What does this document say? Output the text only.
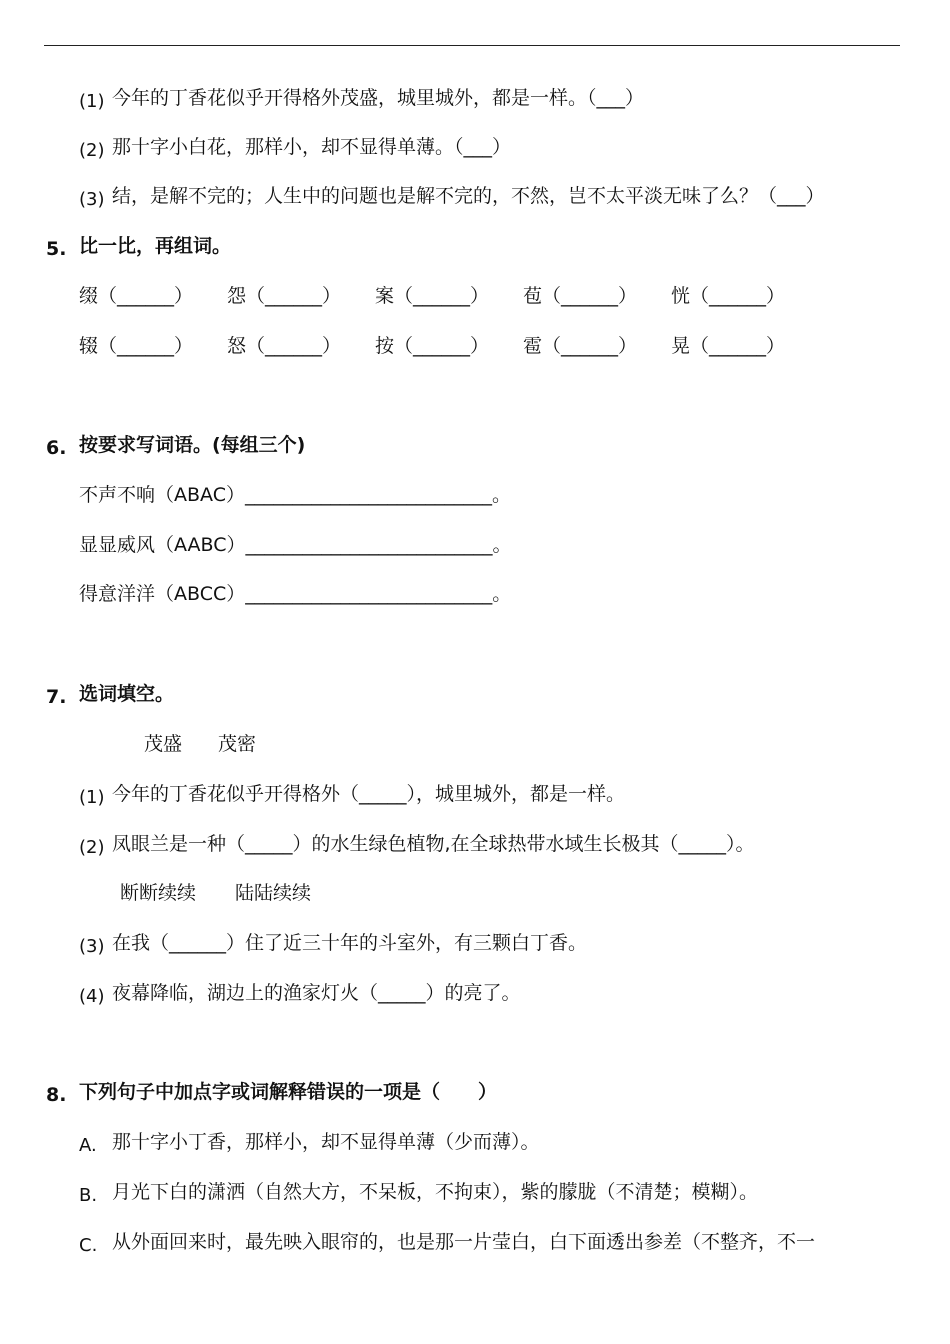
(1) 今年的丁香花似乎开得格外茂盛，城里城外，都是一样。（___）
(2) 那十字小白花，那样小，却不显得单薄。（___）
(3) 结，是解不完的；人生中的问题也是解不完的，不然，岂不太平淡无味了么？（___）
5. 比一比，再组词。
缀（______） 怨（______） 案（______） 苞（______） 恍（______）
辍（______） 怒（______） 按（______） 雹（______） 晃（______）
6. 按要求写词语。(每组三个)
不声不响（ABAC）__________________________。
显显威风（AABC）__________________________。
得意洋洋（ABCC）__________________________。
7. 选词填空。
茂盛 茂密
(1) 今年的丁香花似乎开得格外（_____），城里城外，都是一样。
(2) 凤眼兰是一种（_____）的水生绿色植物,在全球热带水域生长极其（_____）。
断断续续 陆陆续续
(3) 在我（______）住了近三十年的斗室外，有三颗白丁香。
(4) 夜幕降临，湖边上的渔家灯火（_____）的亮了。
8. 下列句子中加点字或词解释错误的一项是（　　）
A. 那十字小丁香，那样小，却不显得单薄（少而薄）。
B. 月光下白的潇洒（自然大方，不呆板，不拘束），紫的朦胧（不清楚；模糊）。
C. 从外面回来时，最先映入眼帘的，也是那一片莹白，白下面透出参差（不整齐，不一
